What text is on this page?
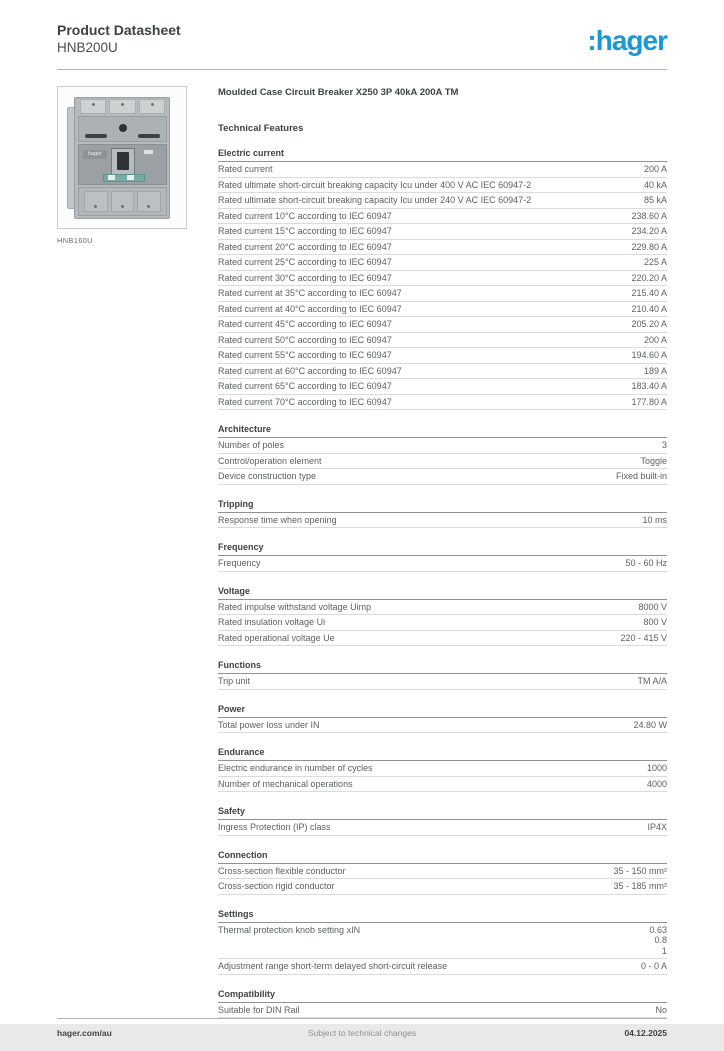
Product Datasheet
HNB200U	:hager
hager
HNB160U
Moulded Case Circuit Breaker X250 3P 40kA 200A TM
Technical Features
Electric current
Rated current	200 A
Rated ultimate short-circuit breaking capacity Icu under 400 V AC IEC 60947-2	40 kA
Rated ultimate short-circuit breaking capacity Icu under 240 V AC IEC 60947-2	85 kA
Rated current 10°C according to IEC 60947	238.60 A
Rated current 15°C according to IEC 60947	234.20 A
Rated current 20°C according to IEC 60947	229.80 A
Rated current 25°C according to IEC 60947	225 A
Rated current 30°C according to IEC 60947	220.20 A
Rated current at 35°C according to IEC 60947	215.40 A
Rated current at 40°C according to IEC 60947	210.40 A
Rated current 45°C according to IEC 60947	205.20 A
Rated current 50°C according to IEC 60947	200 A
Rated current 55°C according to IEC 60947	194.60 A
Rated current at 60°C according to IEC 60947	189 A
Rated current 65°C according to IEC 60947	183.40 A
Rated current 70°C according to IEC 60947	177.80 A
Architecture
Number of poles	3
Control/operation element	Toggle
Device construction type	Fixed built-in
Tripping
Response time when opening	10 ms
Frequency
Frequency	50 - 60 Hz
Voltage
Rated impulse withstand voltage Uimp	8000 V
Rated insulation voltage Ui	800 V
Rated operational voltage Ue	220 - 415 V
Functions
Trip unit	TM A/A
Power
Total power loss under IN	24.80 W
Endurance
Electric endurance in number of cycles	1000
Number of mechanical operations	4000
Safety
Ingress Protection (IP) class	IP4X
Connection
Cross-section flexible conductor	35 - 150 mm²
Cross-section rigid conductor	35 - 185 mm²
Settings
Thermal protection knob setting xIN	0.63
0.8
1
Adjustment range short-term delayed short-circuit release	0 - 0 A
Compatibility
Suitable for DIN Rail	No
hager.com/au	Subject to technical changes	04.12.2025
